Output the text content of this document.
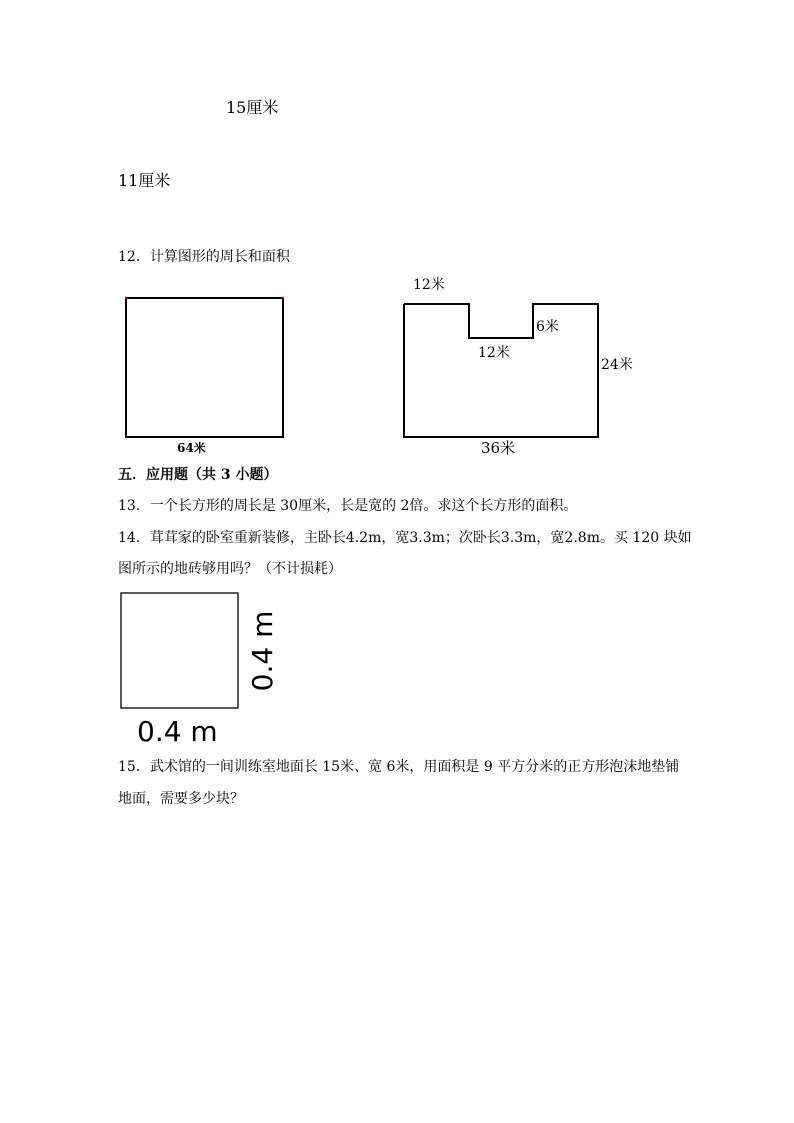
15厘米
11厘米
12．计算图形的周长和面积
64米
12米
6米
12米
24米
36米
五．应用题（共 3 小题）
13．一个长方形的周长是 30厘米，长是宽的 2倍。求这个长方形的面积。
14．茸茸家的卧室重新装修，主卧长4.2m，宽3.3m；次卧长3.3m，宽2.8m。买 120 块如
图所示的地砖够用吗？（不计损耗）
0.4 m
0.4 m
15．武术馆的一间训练室地面长 15米、宽 6米，用面积是 9 平方分米的正方形泡沫地垫铺
地面，需要多少块？
